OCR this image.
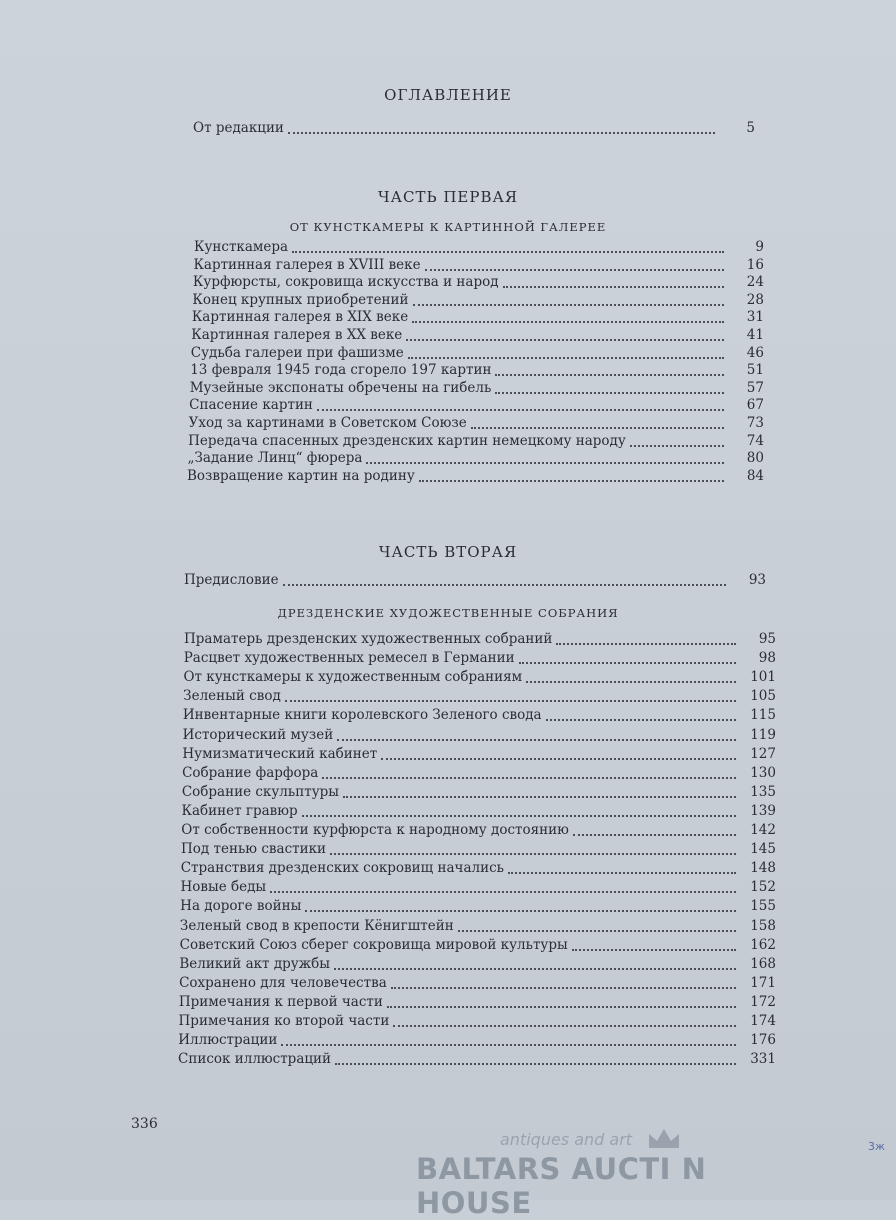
ОГЛАВЛЕНИЕ
От редакции	5
ЧАСТЬ ПЕРВАЯ
ОТ КУНСТКАМЕРЫ К КАРТИННОЙ ГАЛЕРЕЕ
Кунсткамера	9
Картинная галерея в XVIII веке	16
Курфюрсты, сокровища искусства и народ	24
Конец крупных приобретений	28
Картинная галерея в XIX веке	31
Картинная галерея в XX веке	41
Судьба галереи при фашизме	46
13 февраля 1945 года сгорело 197 картин	51
Музейные экспонаты обречены на гибель	57
Спасение картин	67
Уход за картинами в Советском Союзе	73
Передача спасенных дрезденских картин немецкому народу	74
„Задание Линц“ фюрера	80
Возвращение картин на родину	84
ЧАСТЬ ВТОРАЯ
Предисловие	93
ДРЕЗДЕНСКИЕ ХУДОЖЕСТВЕННЫЕ СОБРАНИЯ
Праматерь дрезденских художественных собраний	95
Расцвет художественных ремесел в Германии	98
От кунсткамеры к художественным собраниям	101
Зеленый свод	105
Инвентарные книги королевского Зеленого свода	115
Исторический музей	119
Нумизматический кабинет	127
Собрание фарфора	130
Собрание скульптуры	135
Кабинет гравюр	139
От собственности курфюрста к народному достоянию	142
Под тенью свастики	145
Странствия дрезденских сокровищ начались	148
Новые беды	152
На дороге войны	155
Зеленый свод в крепости Кёнигштейн	158
Советский Союз сберег сокровища мировой культуры	162
Великий акт дружбы	168
Сохранено для человечества	171
Примечания к первой части	172
Примечания ко второй части	174
Иллюстрации	176
Список иллюстраций	331
336
antiques and art
BALTARS AUCTI N HOUSE
3ж
